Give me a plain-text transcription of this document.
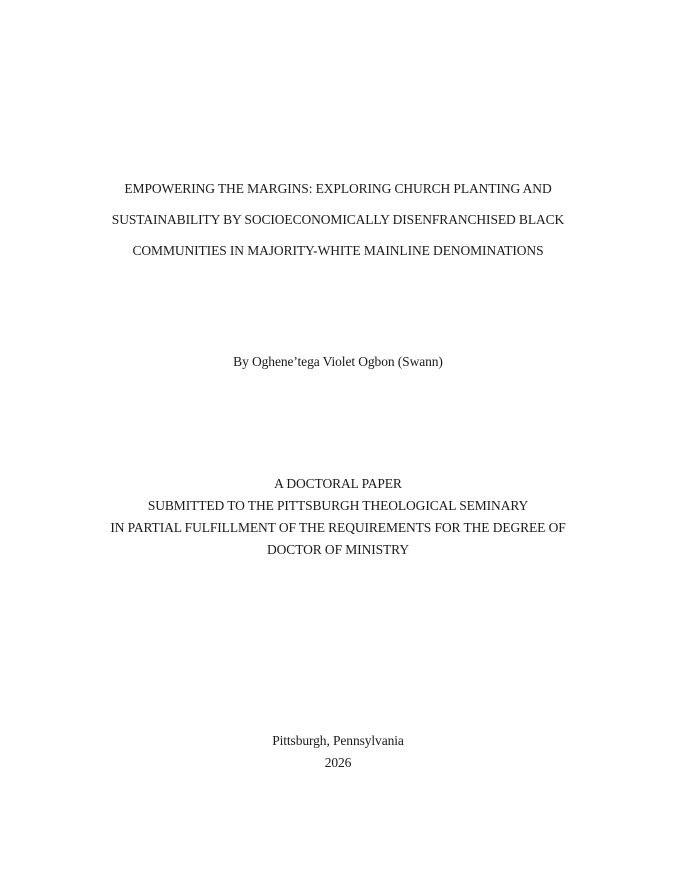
EMPOWERING THE MARGINS: EXPLORING CHURCH PLANTING AND
SUSTAINABILITY BY SOCIOECONOMICALLY DISENFRANCHISED BLACK
COMMUNITIES IN MAJORITY-WHITE MAINLINE DENOMINATIONS
By Oghene’tega Violet Ogbon (Swann)
A DOCTORAL PAPER
SUBMITTED TO THE PITTSBURGH THEOLOGICAL SEMINARY
IN PARTIAL FULFILLMENT OF THE REQUIREMENTS FOR THE DEGREE OF
DOCTOR OF MINISTRY
Pittsburgh, Pennsylvania
2026
